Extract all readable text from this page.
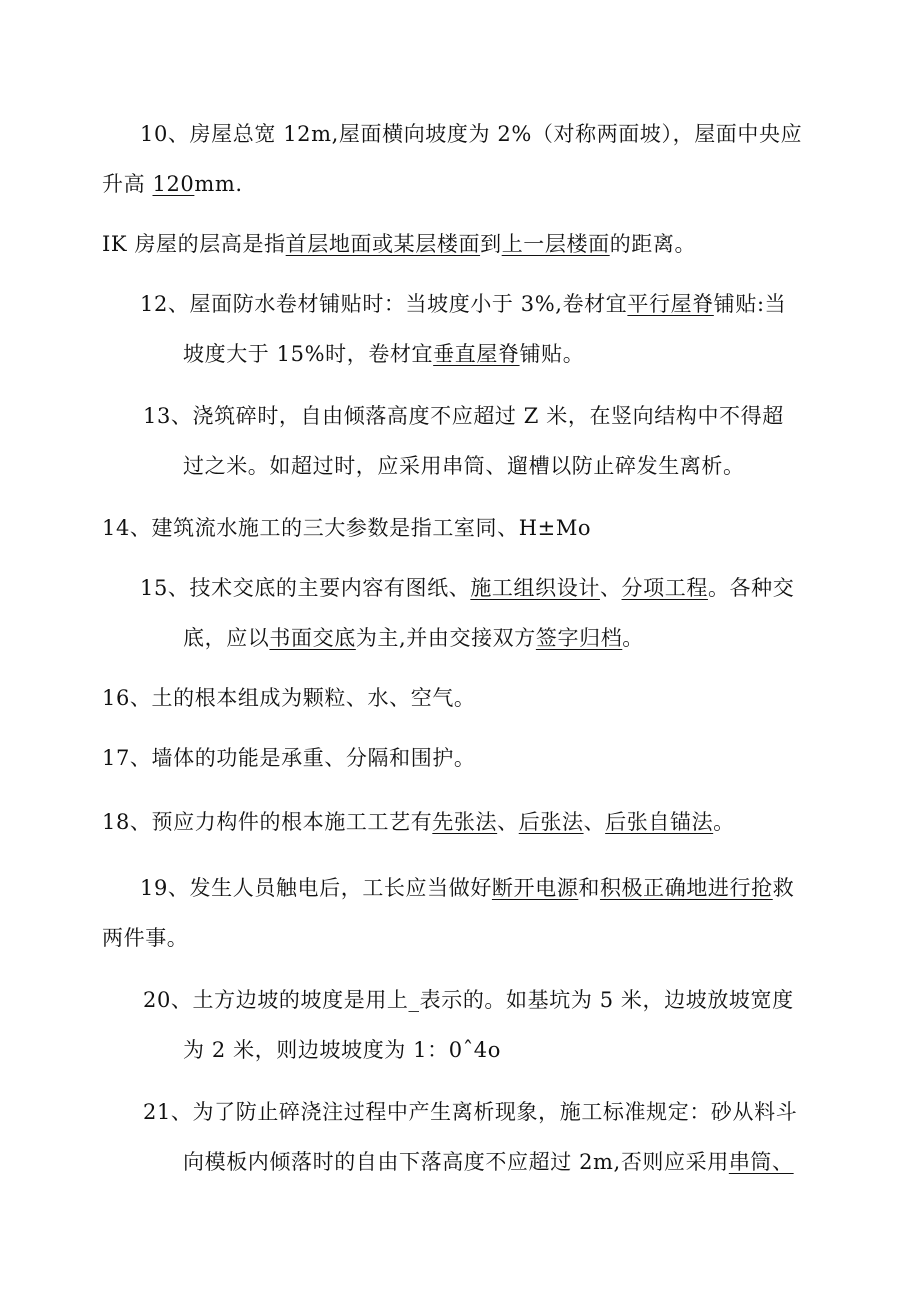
10、房屋总宽 12m,屋面横向坡度为 2%（对称两面坡），屋面中央应
升高 120mm.
IK 房屋的层高是指首层地面或某层楼面到上一层楼面的距离。
12、屋面防水卷材铺贴时：当坡度小于 3%,卷材宜平行屋脊铺贴:当
坡度大于 15%时，卷材宜垂直屋脊铺贴。
13、浇筑碎时，自由倾落高度不应超过 Z 米，在竖向结构中不得超
过之米。如超过时，应采用串筒、遛槽以防止碎发生离析。
14、建筑流水施工的三大参数是指工室同、H±Mo
15、技术交底的主要内容有图纸、施工组织设计、分项工程。各种交
底，应以书面交底为主,并由交接双方签字归档。
16、土的根本组成为颗粒、水、空气。
17、墙体的功能是承重、分隔和围护。
18、预应力构件的根本施工工艺有先张法、后张法、后张自锚法。
19、发生人员触电后，工长应当做好断开电源和积极正确地进行抢救
两件事。
20、土方边坡的坡度是用上_表示的。如基坑为 5 米，边坡放坡宽度
为 2 米，则边坡坡度为 1：0ˆ4o
21、为了防止碎浇注过程中产生离析现象，施工标准规定：砂从料斗
向模板内倾落时的自由下落高度不应超过 2m,否则应采用串筒、
